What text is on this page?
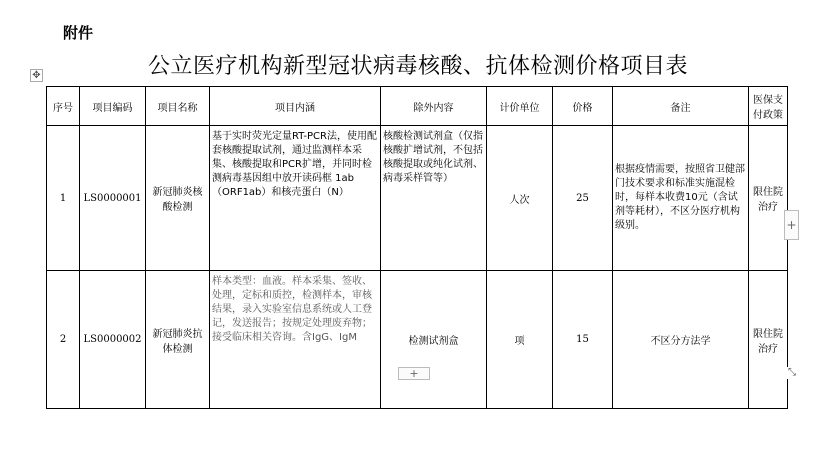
附件
公立医疗机构新型冠状病毒核酸、抗体检测价格项目表
✥
序号	项目编码	项目名称	项目内涵	除外内容	计价单位	价格	备注	医保支付政策
1	LS0000001	新冠肺炎核酸检测	基于实时荧光定量RT-PCR法，使用配套核酸提取试剂，通过监测样本采集、核酸提取和PCR扩增，并同时检测病毒基因组中放开读码框 1ab（ORF1ab）和核壳蛋白（N）	核酸检测试剂盒（仅指核酸扩增试剂，不包括核酸提取或纯化试剂、病毒采样管等）	人次	25	根据疫情需要，按照省卫健部门技术要求和标准实施混检时，每样本收费10元（含试剂等耗材），不区分医疗机构级别。	限住院治疗
2	LS0000002	新冠肺炎抗体检测	样本类型：血液。样本采集、签收、处理，定标和质控，检测样本，审核结果，录入实验室信息系统或人工登记，发送报告；按规定处理废弃物；接受临床相关咨询。含IgG、IgM	检测试剂盒	项	15	不区分方法学	限住院治疗
+
+	⤡
